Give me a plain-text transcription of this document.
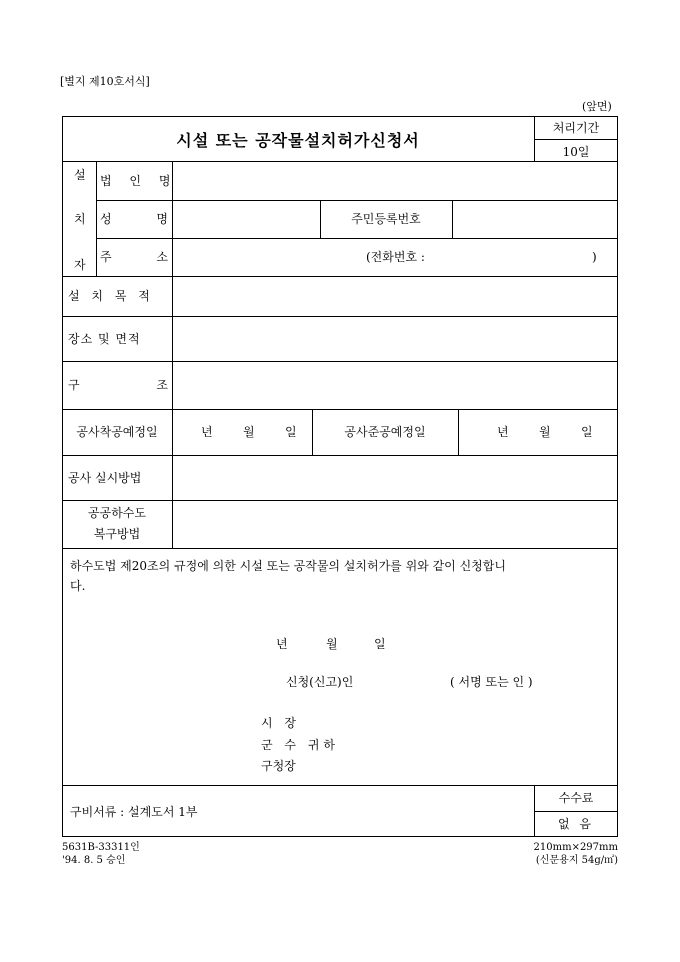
[별지 제10호서식]
(앞면)
시설 또는 공작물설치허가신청서
처리기간
10일
설
치
자
법 인 명
성 명	주민등록번호
주 소	(전화번호 :	)
설 치 목 적
장소 및 면적
구 조
공사착공예정일	년	월	일	공사준공예정일	년	월	일
공사 실시방법
공공하수도
복구방법
하수도법 제20조의 규정에 의한 시설 또는 공작물의 설치허가를 위와 같이 신청합니
다.
년	월	일
신청(신고)인	( 서명 또는 인 )
시 장
군 수 귀하
구청장
구비서류 : 설계도서 1부
수수료
없 음
5631B-33311인
'94. 8. 5 승인
210mm×297mm
(신문용지 54g/㎡)
